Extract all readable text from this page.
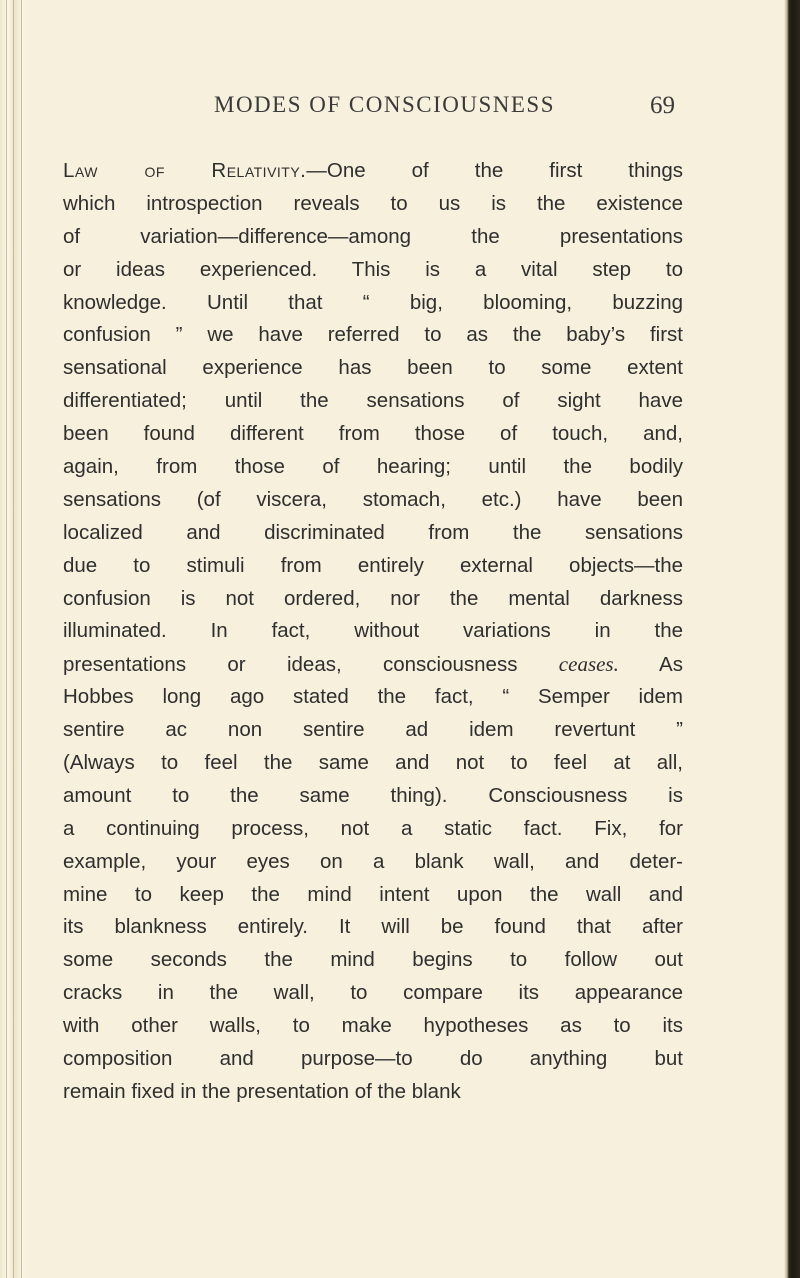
MODES OF CONSCIOUSNESS	69
Law of Relativity.—One of the first things
which introspection reveals to us is the existence
of variation—difference—among the presentations
or ideas experienced. This is a vital step to
knowledge. Until that “ big, blooming, buzzing
confusion ” we have referred to as the baby’s first
sensational experience has been to some extent
differentiated; until the sensations of sight have
been found different from those of touch, and,
again, from those of hearing; until the bodily
sensations (of viscera, stomach, etc.) have been
localized and discriminated from the sensations
due to stimuli from entirely external objects—the
confusion is not ordered, nor the mental darkness
illuminated. In fact, without variations in the
presentations or ideas, consciousness ceases. As
Hobbes long ago stated the fact, “ Semper idem
sentire ac non sentire ad idem revertunt ”
(Always to feel the same and not to feel at all,
amount to the same thing). Consciousness is
a continuing process, not a static fact. Fix, for
example, your eyes on a blank wall, and deter-
mine to keep the mind intent upon the wall and
its blankness entirely. It will be found that after
some seconds the mind begins to follow out
cracks in the wall, to compare its appearance
with other walls, to make hypotheses as to its
composition and purpose—to do anything but
remain fixed in the presentation of the blank
